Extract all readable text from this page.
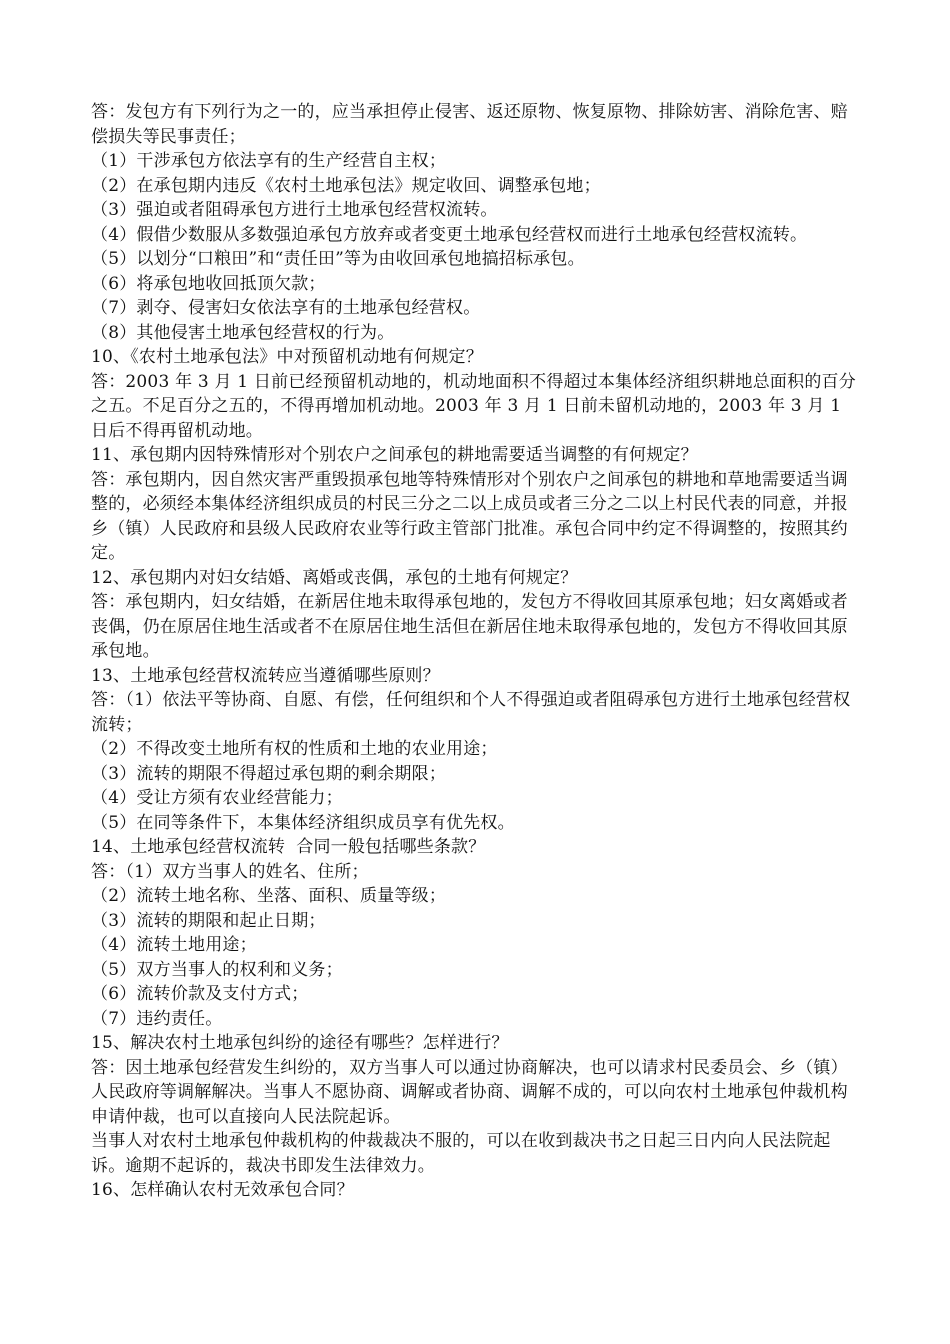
答：发包方有下列行为之一的，应当承担停止侵害、返还原物、恢复原物、排除妨害、消除危害、赔偿损失等民事责任；
（1）干涉承包方依法享有的生产经营自主权；
（2）在承包期内违反《农村土地承包法》规定收回、调整承包地；
（3）强迫或者阻碍承包方进行土地承包经营权流转。
（4）假借少数服从多数强迫承包方放弃或者变更土地承包经营权而进行土地承包经营权流转。
（5）以划分“口粮田”和“责任田”等为由收回承包地搞招标承包。
（6）将承包地收回抵顶欠款；
（7）剥夺、侵害妇女依法享有的土地承包经营权。
（8）其他侵害土地承包经营权的行为。
10、《农村土地承包法》中对预留机动地有何规定？
答：2003 年 3 月 1 日前已经预留机动地的，机动地面积不得超过本集体经济组织耕地总面积的百分之五。不足百分之五的，不得再增加机动地。2003 年 3 月 1 日前未留机动地的，2003 年 3 月 1 日后不得再留机动地。
11、承包期内因特殊情形对个别农户之间承包的耕地需要适当调整的有何规定？
答：承包期内，因自然灾害严重毁损承包地等特殊情形对个别农户之间承包的耕地和草地需要适当调整的，必须经本集体经济组织成员的村民三分之二以上成员或者三分之二以上村民代表的同意，并报乡（镇）人民政府和县级人民政府农业等行政主管部门批准。承包合同中约定不得调整的，按照其约定。
12、承包期内对妇女结婚、离婚或丧偶，承包的土地有何规定？
答：承包期内，妇女结婚，在新居住地未取得承包地的，发包方不得收回其原承包地；妇女离婚或者丧偶，仍在原居住地生活或者不在原居住地生活但在新居住地未取得承包地的，发包方不得收回其原承包地。
13、土地承包经营权流转应当遵循哪些原则？
答：（1）依法平等协商、自愿、有偿，任何组织和个人不得强迫或者阻碍承包方进行土地承包经营权流转；
（2）不得改变土地所有权的性质和土地的农业用途；
（3）流转的期限不得超过承包期的剩余期限；
（4）受让方须有农业经营能力；
（5）在同等条件下，本集体经济组织成员享有优先权。
14、土地承包经营权流转  合同一般包括哪些条款？
答：（1）双方当事人的姓名、住所；
（2）流转土地名称、坐落、面积、质量等级；
（3）流转的期限和起止日期；
（4）流转土地用途；
（5）双方当事人的权利和义务；
（6）流转价款及支付方式；
（7）违约责任。
15、解决农村土地承包纠纷的途径有哪些？怎样进行？
答：因土地承包经营发生纠纷的，双方当事人可以通过协商解决，也可以请求村民委员会、乡（镇）人民政府等调解解决。当事人不愿协商、调解或者协商、调解不成的，可以向农村土地承包仲裁机构申请仲裁，也可以直接向人民法院起诉。
当事人对农村土地承包仲裁机构的仲裁裁决不服的，可以在收到裁决书之日起三日内向人民法院起诉。逾期不起诉的，裁决书即发生法律效力。
16、怎样确认农村无效承包合同？
